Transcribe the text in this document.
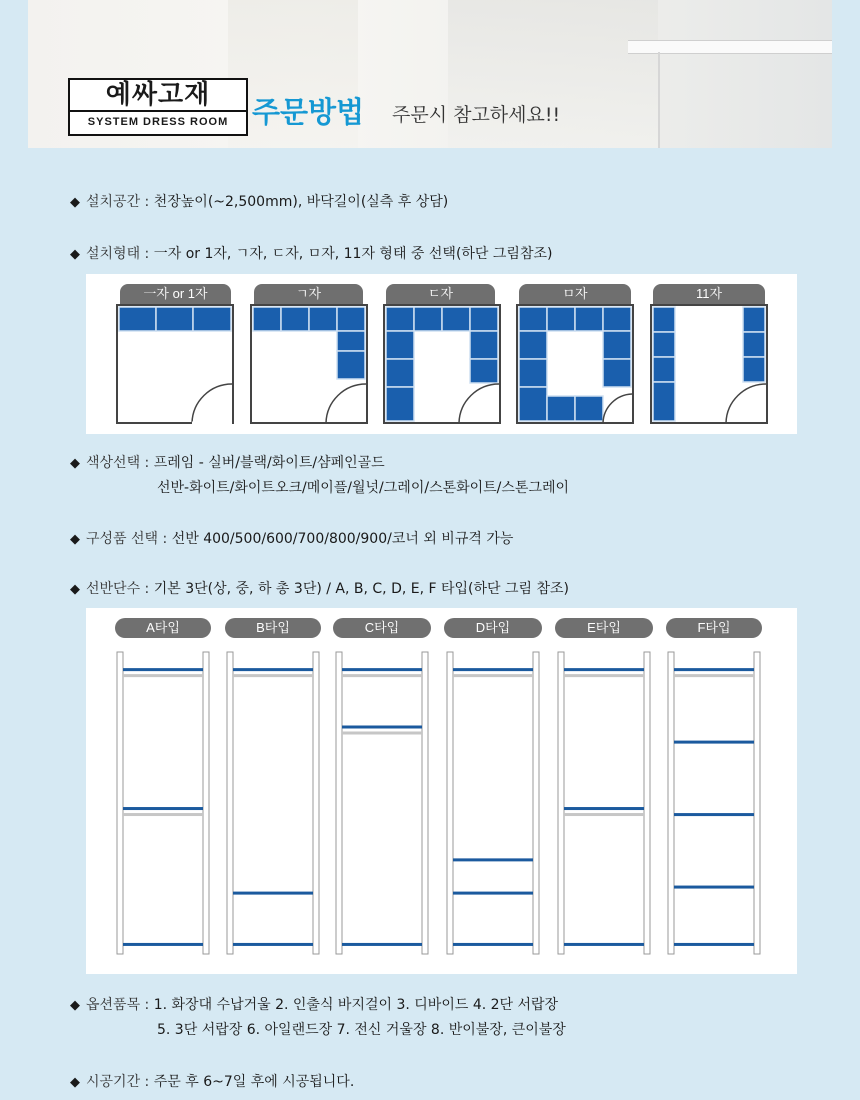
예싸고재
SYSTEM DRESS ROOM 주문방법 주문시 참고하세요!!
◆ 설치공간 : 천장높이(~2,500mm), 바닥길이(실측 후 상담)
◆ 설치형태 : 一자 or 1자, ㄱ자, ㄷ자, ㅁ자, 11자 형태 중 선택(하단 그림참조)
一자 or 1자	ㄱ자	ㄷ자	ㅁ자	11자
◆ 색상선택 : 프레임 - 실버/블랙/화이트/샴페인골드
선반-화이트/화이트오크/메이플/월넛/그레이/스톤화이트/스톤그레이
◆ 구성품 선택 : 선반 400/500/600/700/800/900/코너 외 비규격 가능
◆ 선반단수 : 기본 3단(상, 중, 하 총 3단) / A, B, C, D, E, F 타입(하단 그림 참조)
A타입	B타입	C타입	D타입	E타입	F타입
◆ 옵션품목 : 1. 화장대 수납거울 2. 인출식 바지걸이 3. 디바이드 4. 2단 서랍장
5. 3단 서랍장 6. 아일랜드장 7. 전신 거울장 8. 반이불장, 큰이불장
◆ 시공기간 : 주문 후 6~7일 후에 시공됩니다.
